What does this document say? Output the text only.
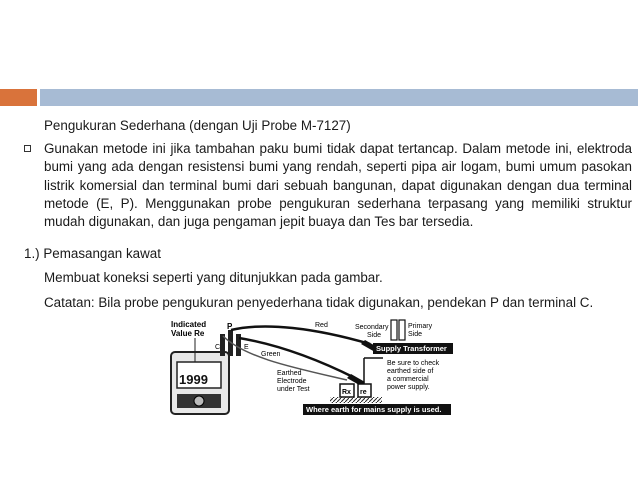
Pengukuran Sederhana (dengan Uji Probe M-7127)
Gunakan metode ini jika tambahan paku bumi tidak dapat tertancap. Dalam metode ini, elektroda bumi yang ada dengan resistensi bumi yang rendah, seperti pipa air logam, bumi umum pasokan listrik komersial dan terminal bumi dari sebuah bangunan, dapat digunakan dengan dua terminal metode (E, P). Menggunakan probe pengukuran sederhana terpasang yang memiliki struktur mudah digunakan, dan juga pengaman jepit buaya dan Tes bar tersedia.
1.) Pemasangan kawat
Membuat koneksi seperti yang ditunjukkan pada gambar.
Catatan: Bila probe pengukuran penyederhana tidak digunakan, pendekan P dan terminal C.
1999
Indicated
Value Re
P
C	E
Red
Green
Earthed
Electrode
under Test	Rx re
Secondary
Side
Primary
Side
Supply Transformer
Be sure to check
earthed side of
a commercial
power supply.
Where earth for mains supply is used.
